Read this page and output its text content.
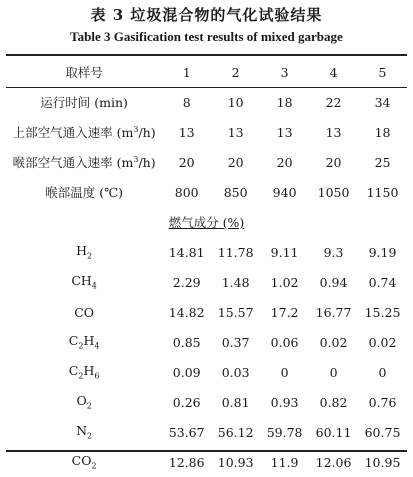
表 3 垃圾混合物的气化试验结果
Table 3 Gasification test results of mixed garbage
取样号	1	2	3	4	5
运行时间 (min)	8	10	18	22	34
上部空气通入速率 $(m^3/h)$	13	13	13	13	18
喉部空气通入速率 $(m^3/h)$	20	20	20	20	25
喉部温度 (℃)	800	850	940	1050	1150
燃气成分 (%)					
$H_2$	14.81	11.78	9.11	9.3	9.19
$CH_4$	2.29	1.48	1.02	0.94	0.74
CO	14.82	15.57	17.2	16.77	15.25
$C_2H_4$	0.85	0.37	0.06	0.02	0.02
$C_2H_6$	0.09	0.03	0	0	0
$O_2$	0.26	0.81	0.93	0.82	0.76
$N_2$	53.67	56.12	59.78	60.11	60.75
$CO_2$	12.86	10.93	11.9	12.06	10.95
